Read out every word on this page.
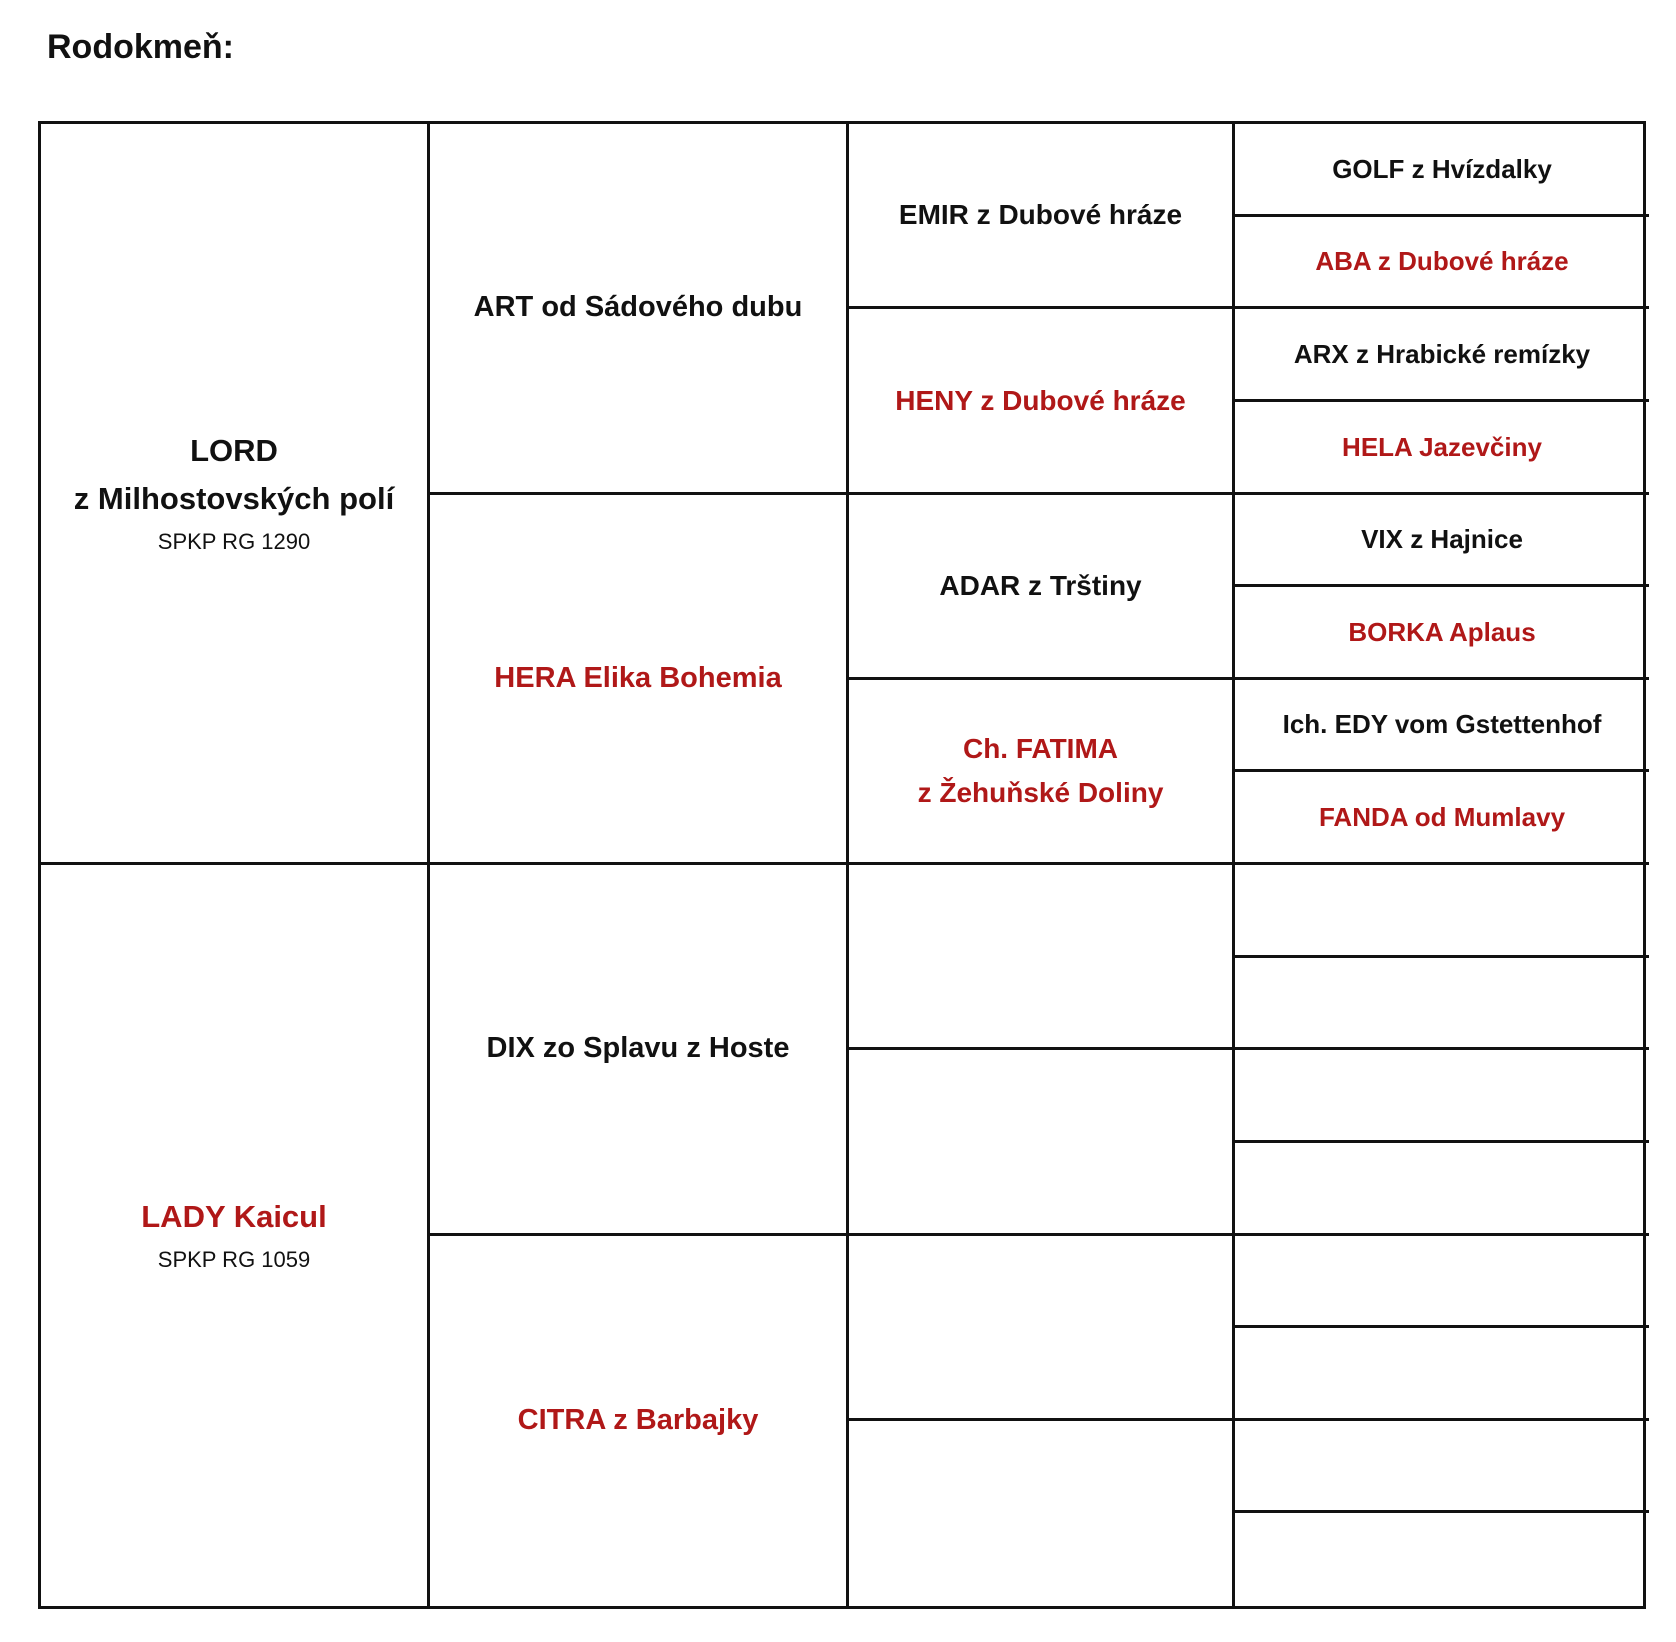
Rodokmeň:
LORD
z Milhostovských polí
SPKP RG 1290
LADY Kaicul
SPKP RG 1059
ART od Sádového dubu
HERA Elika Bohemia
DIX zo Splavu z Hoste
CITRA z Barbajky
EMIR z Dubové hráze
HENY z Dubové hráze
ADAR z Trštiny
Ch. FATIMA
z Žehuňské Doliny
GOLF z Hvízdalky
ABA z Dubové hráze
ARX z Hrabické remízky
HELA Jazevčiny
VIX z Hajnice
BORKA Aplaus
Ich. EDY vom Gstettenhof
FANDA od Mumlavy
